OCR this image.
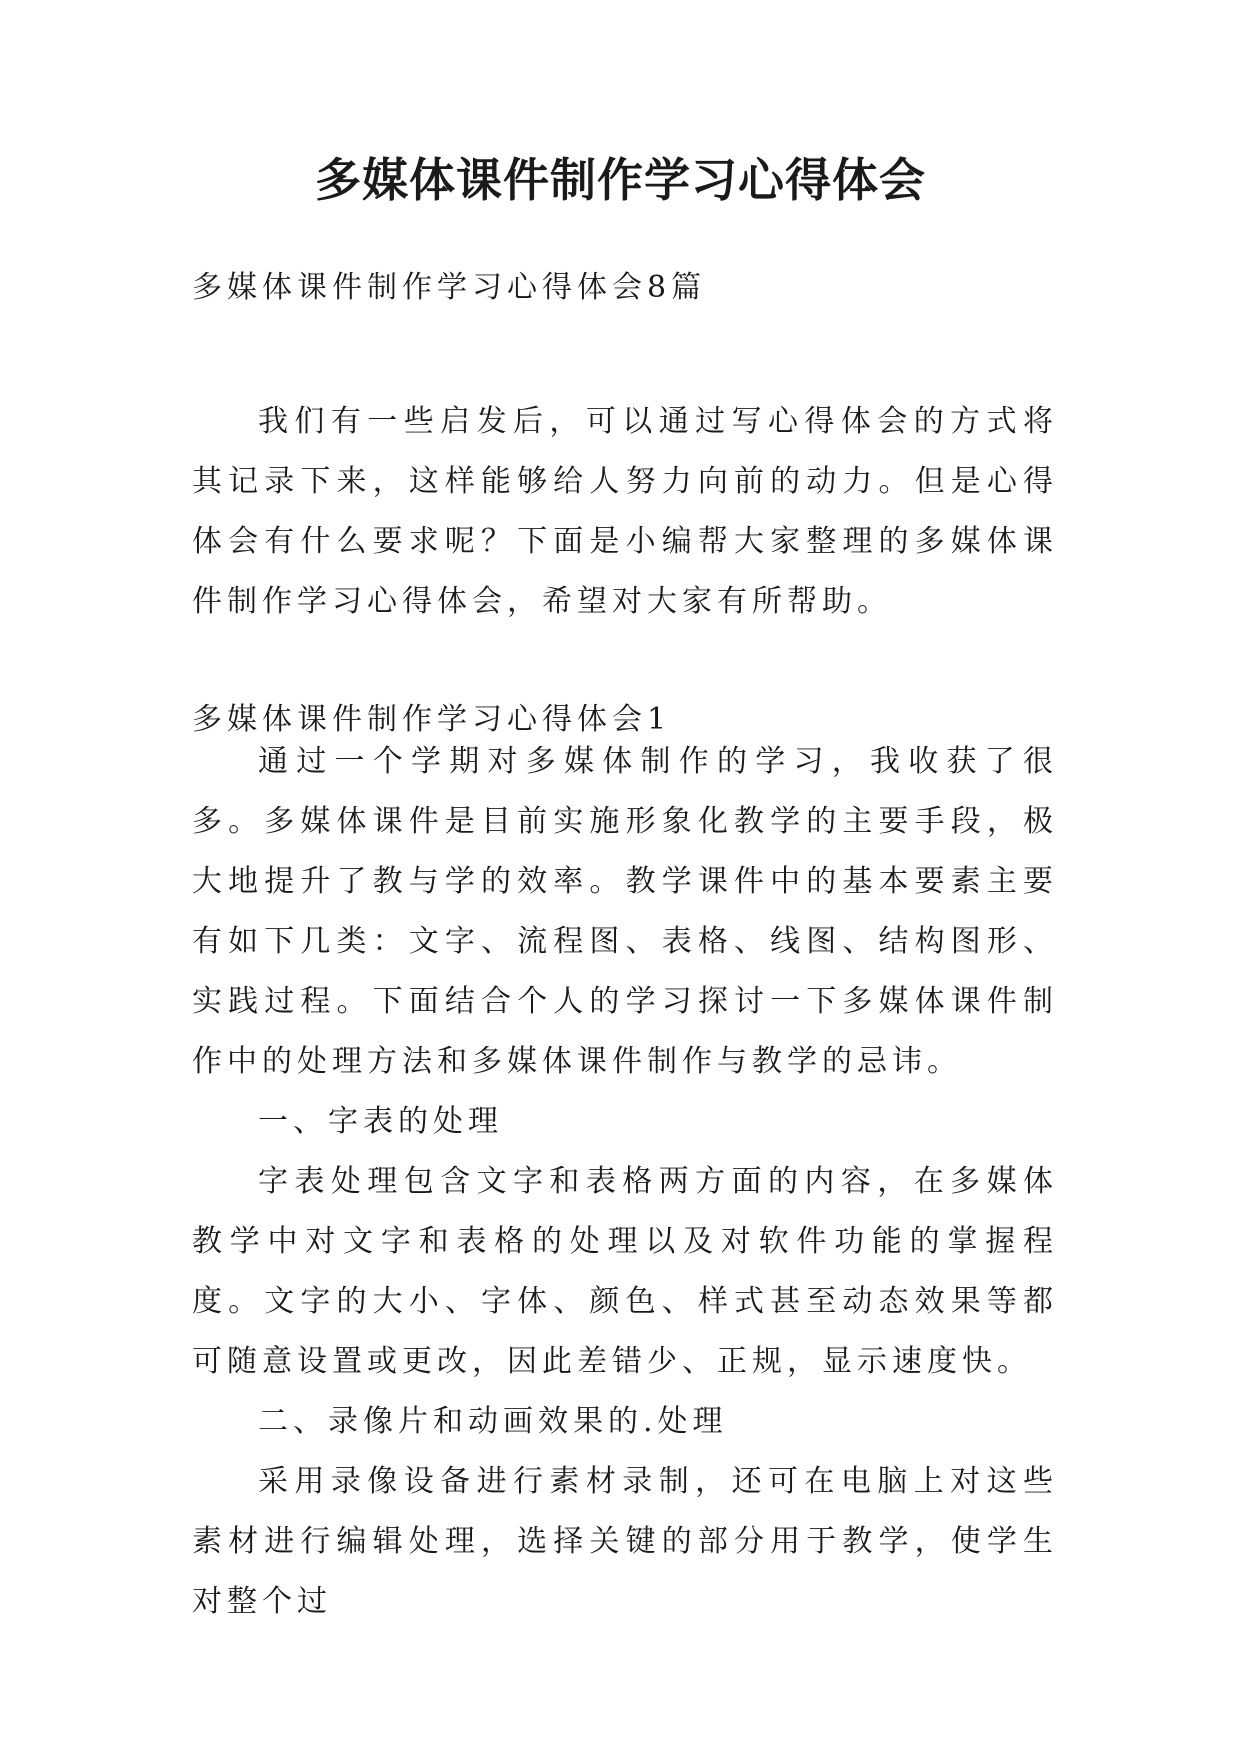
多媒体课件制作学习心得体会

多媒体课件制作学习心得体会8篇

我们有一些启发后，可以通过写心得体会的方式将其记录下来，这样能够给人努力向前的动力。但是心得体会有什么要求呢？下面是小编帮大家整理的多媒体课件制作学习心得体会，希望对大家有所帮助。

多媒体课件制作学习心得体会1

通过一个学期对多媒体制作的学习，我收获了很多。多媒体课件是目前实施形象化教学的主要手段，极大地提升了教与学的效率。教学课件中的基本要素主要有如下几类：文字、流程图、表格、线图、结构图形、实践过程。下面结合个人的学习探讨一下多媒体课件制作中的处理方法和多媒体课件制作与教学的忌讳。

一、字表的处理

字表处理包含文字和表格两方面的内容，在多媒体教学中对文字和表格的处理以及对软件功能的掌握程度。文字的大小、字体、颜色、样式甚至动态效果等都可随意设置或更改，因此差错少、正规，显示速度快。

二、录像片和动画效果的.处理

采用录像设备进行素材录制，还可在电脑上对这些素材进行编辑处理，选择关键的部分用于教学，使学生对整个过
